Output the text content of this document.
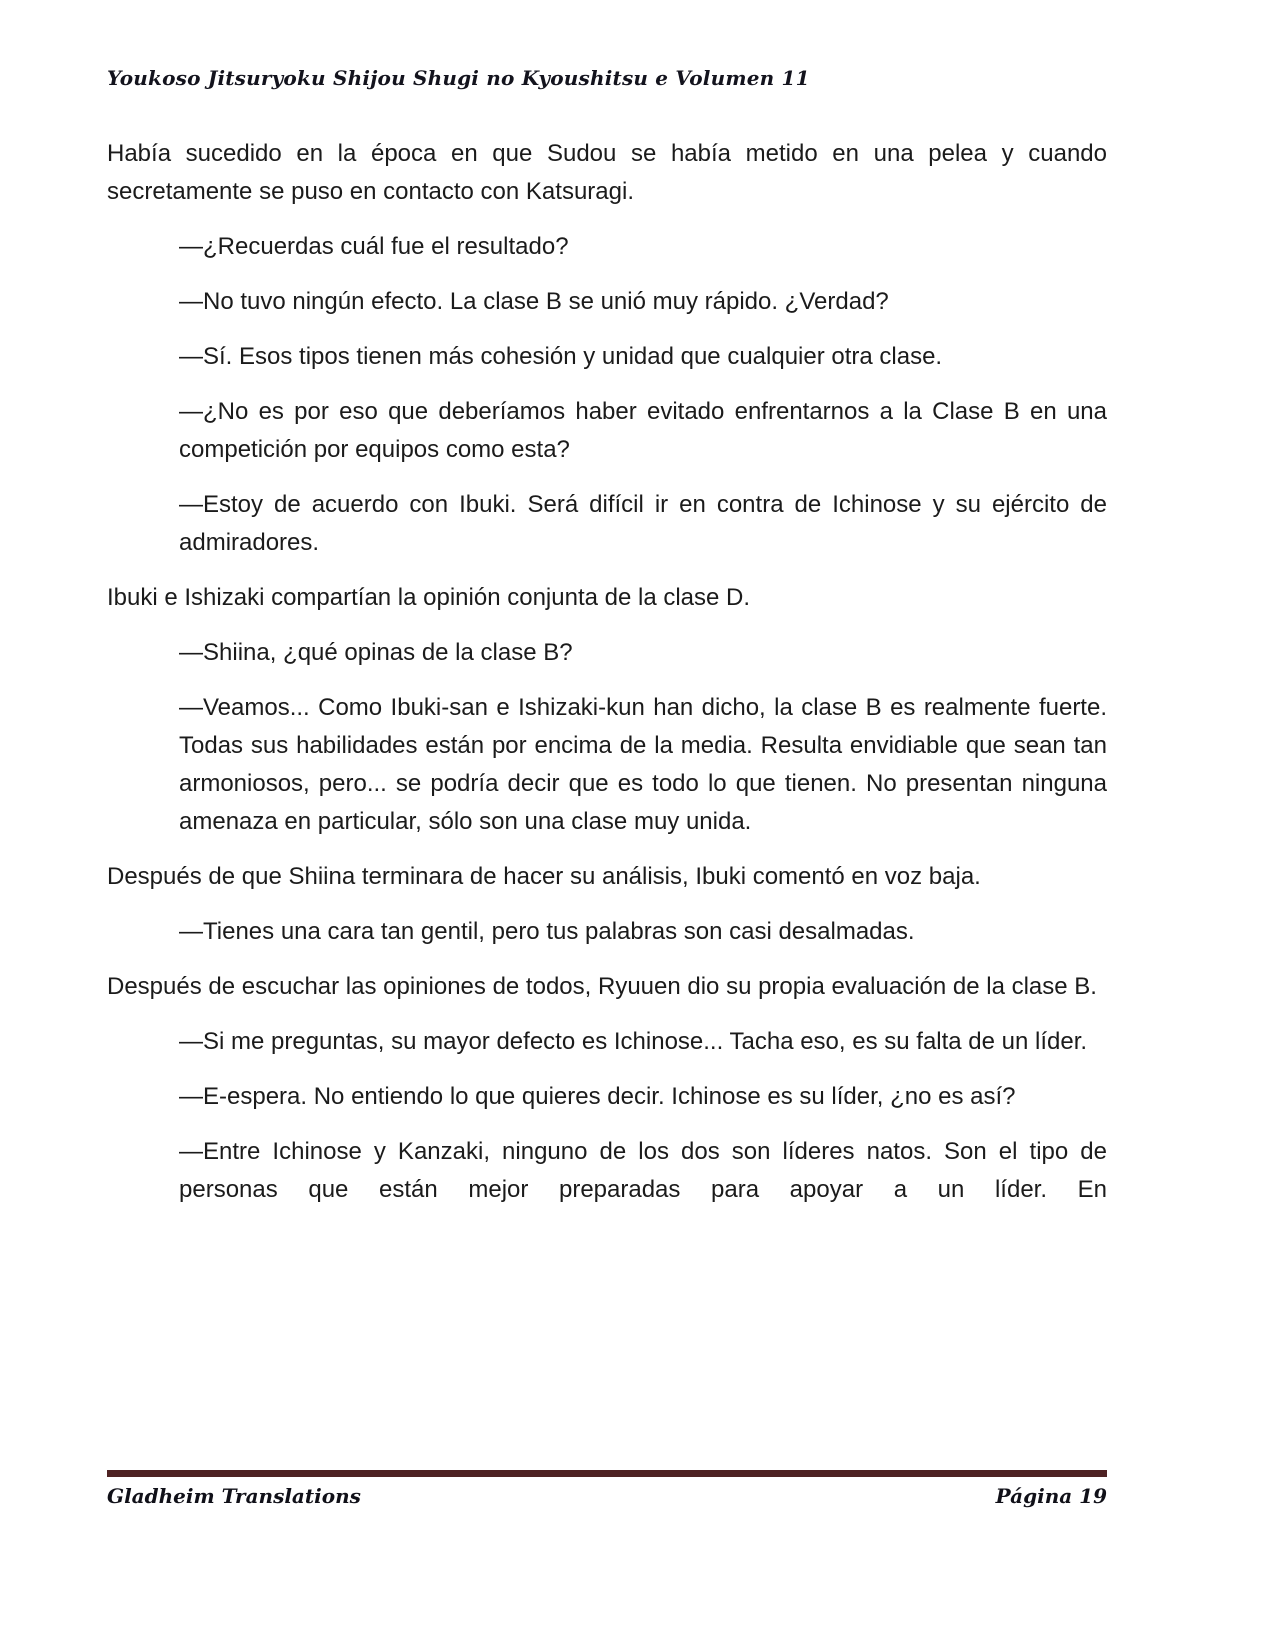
Youkoso Jitsuryoku Shijou Shugi no Kyoushitsu e Volumen 11

Había sucedido en la época en que Sudou se había metido en una pelea y cuando secretamente se puso en contacto con Katsuragi.

—¿Recuerdas cuál fue el resultado?

—No tuvo ningún efecto. La clase B se unió muy rápido. ¿Verdad?

—Sí. Esos tipos tienen más cohesión y unidad que cualquier otra clase.

—¿No es por eso que deberíamos haber evitado enfrentarnos a la Clase B en una competición por equipos como esta?

—Estoy de acuerdo con Ibuki. Será difícil ir en contra de Ichinose y su ejército de admiradores.

Ibuki e Ishizaki compartían la opinión conjunta de la clase D.

—Shiina, ¿qué opinas de la clase B?

—Veamos... Como Ibuki-san e Ishizaki-kun han dicho, la clase B es realmente fuerte. Todas sus habilidades están por encima de la media. Resulta envidiable que sean tan armoniosos, pero... se podría decir que es todo lo que tienen. No presentan ninguna amenaza en particular, sólo son una clase muy unida.

Después de que Shiina terminara de hacer su análisis, Ibuki comentó en voz baja.

—Tienes una cara tan gentil, pero tus palabras son casi desalmadas.

Después de escuchar las opiniones de todos, Ryuuen dio su propia evaluación de la clase B.

—Si me preguntas, su mayor defecto es Ichinose... Tacha eso, es su falta de un líder.

—E-espera. No entiendo lo que quieres decir. Ichinose es su líder, ¿no es así?

—Entre Ichinose y Kanzaki, ninguno de los dos son líderes natos. Son el tipo de personas que están mejor preparadas para apoyar a un líder. En

Gladheim Translations	Página 19
